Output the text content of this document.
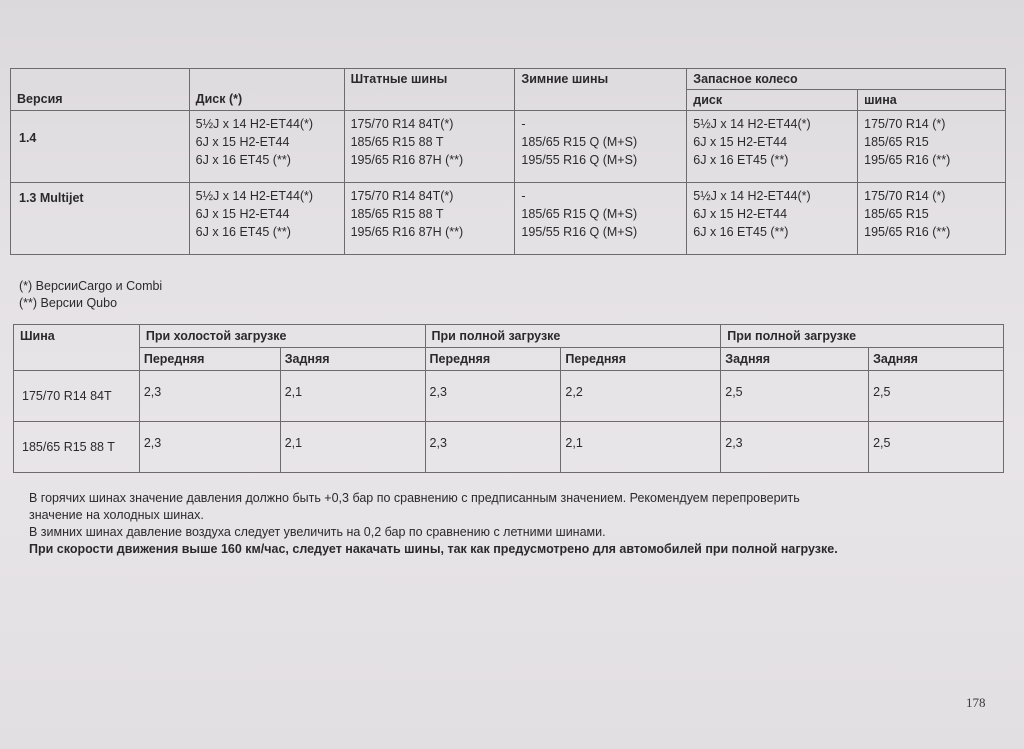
Версия	Диск (*)	Штатные шины	Зимние шины	Запасное колесо	
				диск	шина
1.4	5½J x 14 H2-ET44(*)
6J x 15 H2-ET44
6J x 16 ET45 (**)	175/70 R14 84T(*)
185/65 R15 88 T
195/65 R16 87H (**)	-
185/65 R15 Q (M+S)
195/55 R16 Q (M+S)	5½J x 14 H2-ET44(*)
6J x 15 H2-ET44
6J x 16 ET45 (**)	175/70 R14 (*)
185/65 R15
195/65 R16 (**)

1.3 Multijet	5½J x 14 H2-ET44(*)
6J x 15 H2-ET44
6J x 16 ET45 (**)	175/70 R14 84T(*)
185/65 R15 88 T
195/65 R16 87H (**)	-
185/65 R15 Q (M+S)
195/55 R16 Q (M+S)	5½J x 14 H2-ET44(*)
6J x 15 H2-ET44
6J x 16 ET45 (**)	175/70 R14 (*)
185/65 R15
195/65 R16 (**)
(*) ВерсииCargo и Combi
(**) Версии Qubo
Шина	При холостой загрузке		При полной загрузке		При полной загрузке	
	Передняя	Задняя	Передняя	Передняя	Задняя	Задняя
175/70 R14 84T	2,3	2,1	2,3	2,2	2,5	2,5
185/65 R15 88 T	2,3	2,1	2,3	2,1	2,3	2,5
В горячих шинах значение давления должно быть +0,3 бар по сравнению с предписанным значением. Рекомендуем перепроверить
значение на холодных шинах.
В зимних шинах давление воздуха следует увеличить на 0,2 бар по сравнению с летними шинами.
При скорости движения выше 160 км/час, следует накачать шины, так как предусмотрено для автомобилей при полной нагрузке.
178
